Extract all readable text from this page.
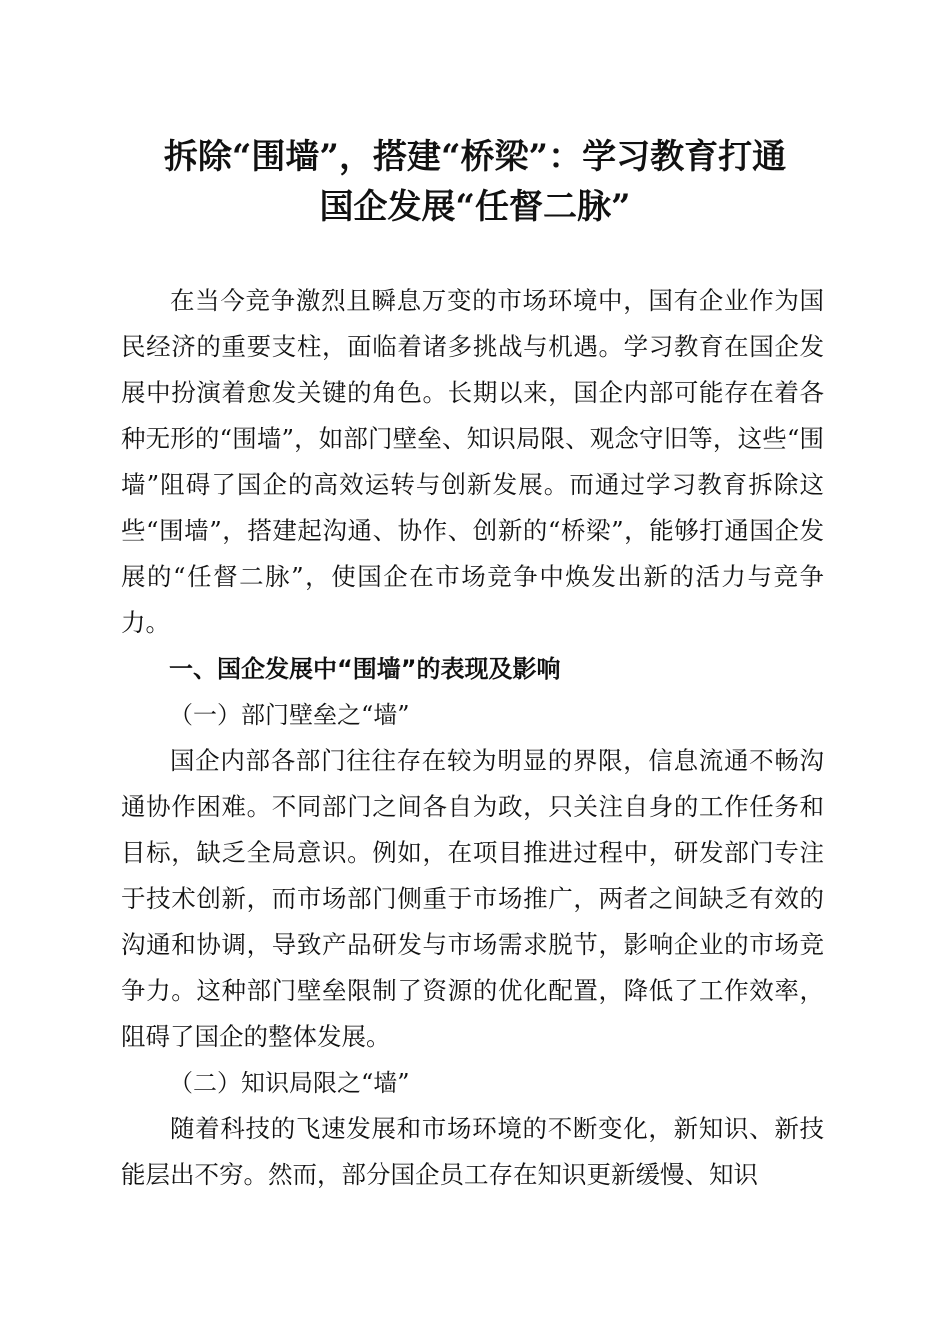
拆除“围墙”，搭建“桥梁”：学习教育打通
国企发展“任督二脉”

在当今竞争激烈且瞬息万变的市场环境中，国有企业作为国民经济的重要支柱，面临着诸多挑战与机遇。学习教育在国企发展中扮演着愈发关键的角色。长期以来，国企内部可能存在着各种无形的“围墙”，如部门壁垒、知识局限、观念守旧等，这些“围墙”阻碍了国企的高效运转与创新发展。而通过学习教育拆除这些“围墙”，搭建起沟通、协作、创新的“桥梁”，能够打通国企发展的“任督二脉”，使国企在市场竞争中焕发出新的活力与竞争力。

一、国企发展中“围墙”的表现及影响

（一）部门壁垒之“墙”

国企内部各部门往往存在较为明显的界限，信息流通不畅沟通协作困难。不同部门之间各自为政，只关注自身的工作任务和目标，缺乏全局意识。例如，在项目推进过程中，研发部门专注于技术创新，而市场部门侧重于市场推广，两者之间缺乏有效的沟通和协调，导致产品研发与市场需求脱节，影响企业的市场竞争力。这种部门壁垒限制了资源的优化配置，降低了工作效率，阻碍了国企的整体发展。

（二）知识局限之“墙”

随着科技的飞速发展和市场环境的不断变化，新知识、新技能层出不穷。然而，部分国企员工存在知识更新缓慢、知识
